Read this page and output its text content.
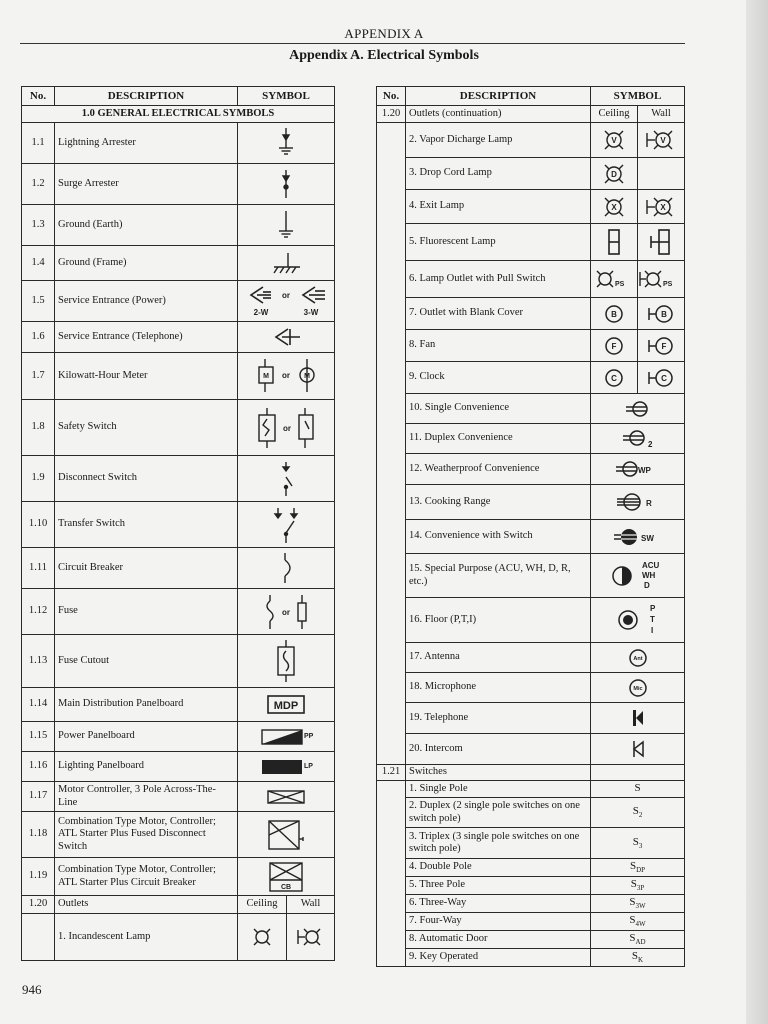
APPENDIX A
Appendix A. Electrical Symbols
No.	DESCRIPTION	SYMBOL	
1.0 GENERAL ELECTRICAL SYMBOLS			
1.1	Lightning Arrester	
1.2	Surge Arrester	
1.3	Ground (Earth)	
1.4	Ground (Frame)	
1.5	Service Entrance (Power)	or
2-W 3-W	

1.6	Service Entrance (Telephone)	
1.7	Kilowatt-Hour Meter	M or M	

1.8	Safety Switch	or	

1.9	Disconnect Switch	
1.10	Transfer Switch	
1.11	Circuit Breaker	
1.12	Fuse	or	

1.13	Fuse Cutout	
1.14	Main Distribution Panelboard	MDP	

1.15	Power Panelboard	PP	

1.16	Lighting Panelboard	LP	

1.17	Motor Controller, 3 Pole Across-The-Line	
1.18	Combination Type Motor, Controller; ATL Starter Plus Fused Disconnect Switch	
1.19	Combination Type Motor, Controller; ATL Starter Plus Circuit Breaker	CB	

1.20	Outlets	Ceiling	Wall
	1. Incandescent Lamp		
No.	DESCRIPTION	SYMBOL	
1.20	Outlets (continuation)	Ceiling	Wall
	2. Vapor Dicharge Lamp	V	V

	3. Drop Cord Lamp	D	

	4. Exit Lamp	X	X

	5. Fluorescent Lamp		
	6. Lamp Outlet with Pull Switch	PS	PS

	7. Outlet with Blank Cover	B	B

	8. Fan	F	F

	9. Clock	C	C

	10. Single Convenience	
	11. Duplex Convenience	2	

	12. Weatherproof Convenience	WP	

	13. Cooking Range	R	

	14. Convenience with Switch	SW	

	15. Special Purpose (ACU, WH, D, R, etc.)	ACU
WH
D	

	16. Floor (P,T,I)	P
T
I	

	17. Antenna	Ant	

	18. Microphone	Mic	

	19. Telephone	
	20. Intercom	
1.21	Switches		
	1. Single Pole	S	
	2. Duplex (2 single pole switches on one switch pole)	$S_2$
	3. Triplex (3 single pole switches on one switch pole)	$S_3$
	4. Double Pole	$S_{DP}$
	5. Three Pole	$S_{3P}$
	6. Three-Way	$S_{3W}$
	7. Four-Way	$S_{4W}$
	8. Automatic Door	$S_{AD}$
	9. Key Operated	$S_K$
946
